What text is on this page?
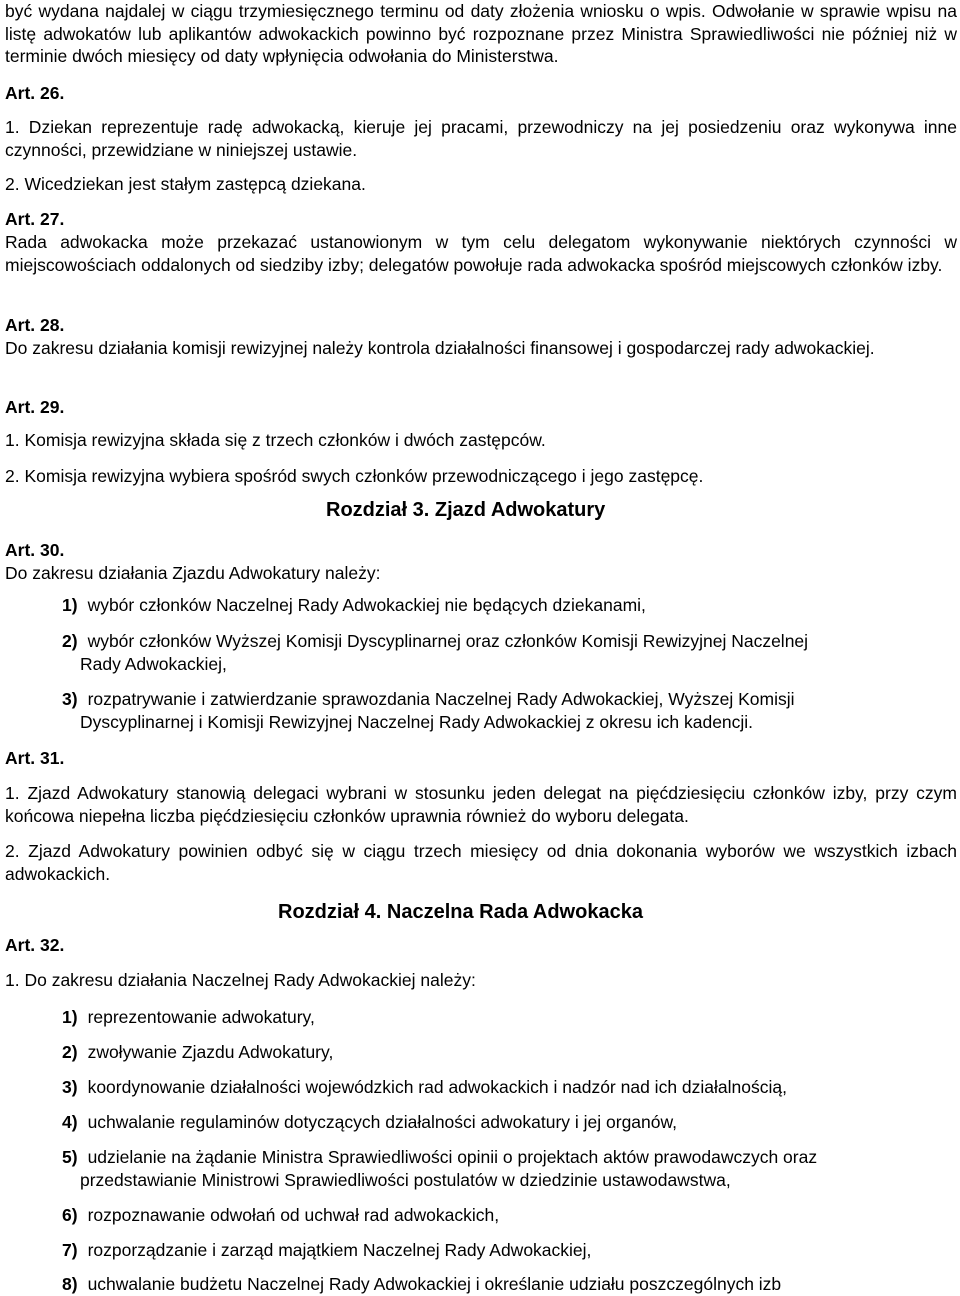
być wydana najdalej w ciągu trzymiesięcznego terminu od daty złożenia wniosku o wpis. Odwołanie w sprawie wpisu na listę adwokatów lub aplikantów adwokackich powinno być rozpoznane przez Ministra Sprawiedliwości nie później niż w terminie dwóch miesięcy od daty wpłynięcia odwołania do Ministerstwa.

Art. 26.

1. Dziekan reprezentuje radę adwokacką, kieruje jej pracami, przewodniczy na jej posiedzeniu oraz wykonywa inne czynności, przewidziane w niniejszej ustawie.

2. Wicedziekan jest stałym zastępcą dziekana.

Art. 27.

Rada adwokacka może przekazać ustanowionym w tym celu delegatom wykonywanie niektórych czynności w miejscowościach oddalonych od siedziby izby; delegatów powołuje rada adwokacka spośród miejscowych członków izby.

Art. 28.

Do zakresu działania komisji rewizyjnej należy kontrola działalności finansowej i gospodarczej rady adwokackiej.

Art. 29.

1. Komisja rewizyjna składa się z trzech członków i dwóch zastępców.

2. Komisja rewizyjna wybiera spośród swych członków przewodniczącego i jego zastępcę.

Rozdział 3. Zjazd Adwokatury
Art. 30.
Do zakresu działania Zjazdu Adwokatury należy:
1) wybór członków Naczelnej Rady Adwokackiej nie będących dziekanami,
2) wybór członków Wyższej Komisji Dyscyplinarnej oraz członków Komisji Rewizyjnej Naczelnej
Rady Adwokackiej,
3) rozpatrywanie i zatwierdzanie sprawozdania Naczelnej Rady Adwokackiej, Wyższej Komisji
Dyscyplinarnej i Komisji Rewizyjnej Naczelnej Rady Adwokackiej z okresu ich kadencji.
Art. 31.

1. Zjazd Adwokatury stanowią delegaci wybrani w stosunku jeden delegat na pięćdziesięciu członków izby, przy czym końcowa niepełna liczba pięćdziesięciu członków uprawnia również do wyboru delegata.

2. Zjazd Adwokatury powinien odbyć się w ciągu trzech miesięcy od dnia dokonania wyborów we wszystkich izbach adwokackich.

Rozdział 4. Naczelna Rada Adwokacka
Art. 32.
1. Do zakresu działania Naczelnej Rady Adwokackiej należy:
1) reprezentowanie adwokatury,
2) zwoływanie Zjazdu Adwokatury,
3) koordynowanie działalności wojewódzkich rad adwokackich i nadzór nad ich działalnością,
4) uchwalanie regulaminów dotyczących działalności adwokatury i jej organów,
5) udzielanie na żądanie Ministra Sprawiedliwości opinii o projektach aktów prawodawczych oraz
przedstawianie Ministrowi Sprawiedliwości postulatów w dziedzinie ustawodawstwa,
6) rozpoznawanie odwołań od uchwał rad adwokackich,
7) rozporządzanie i zarząd majątkiem Naczelnej Rady Adwokackiej,
8) uchwalanie budżetu Naczelnej Rady Adwokackiej i określanie udziału poszczególnych izb
